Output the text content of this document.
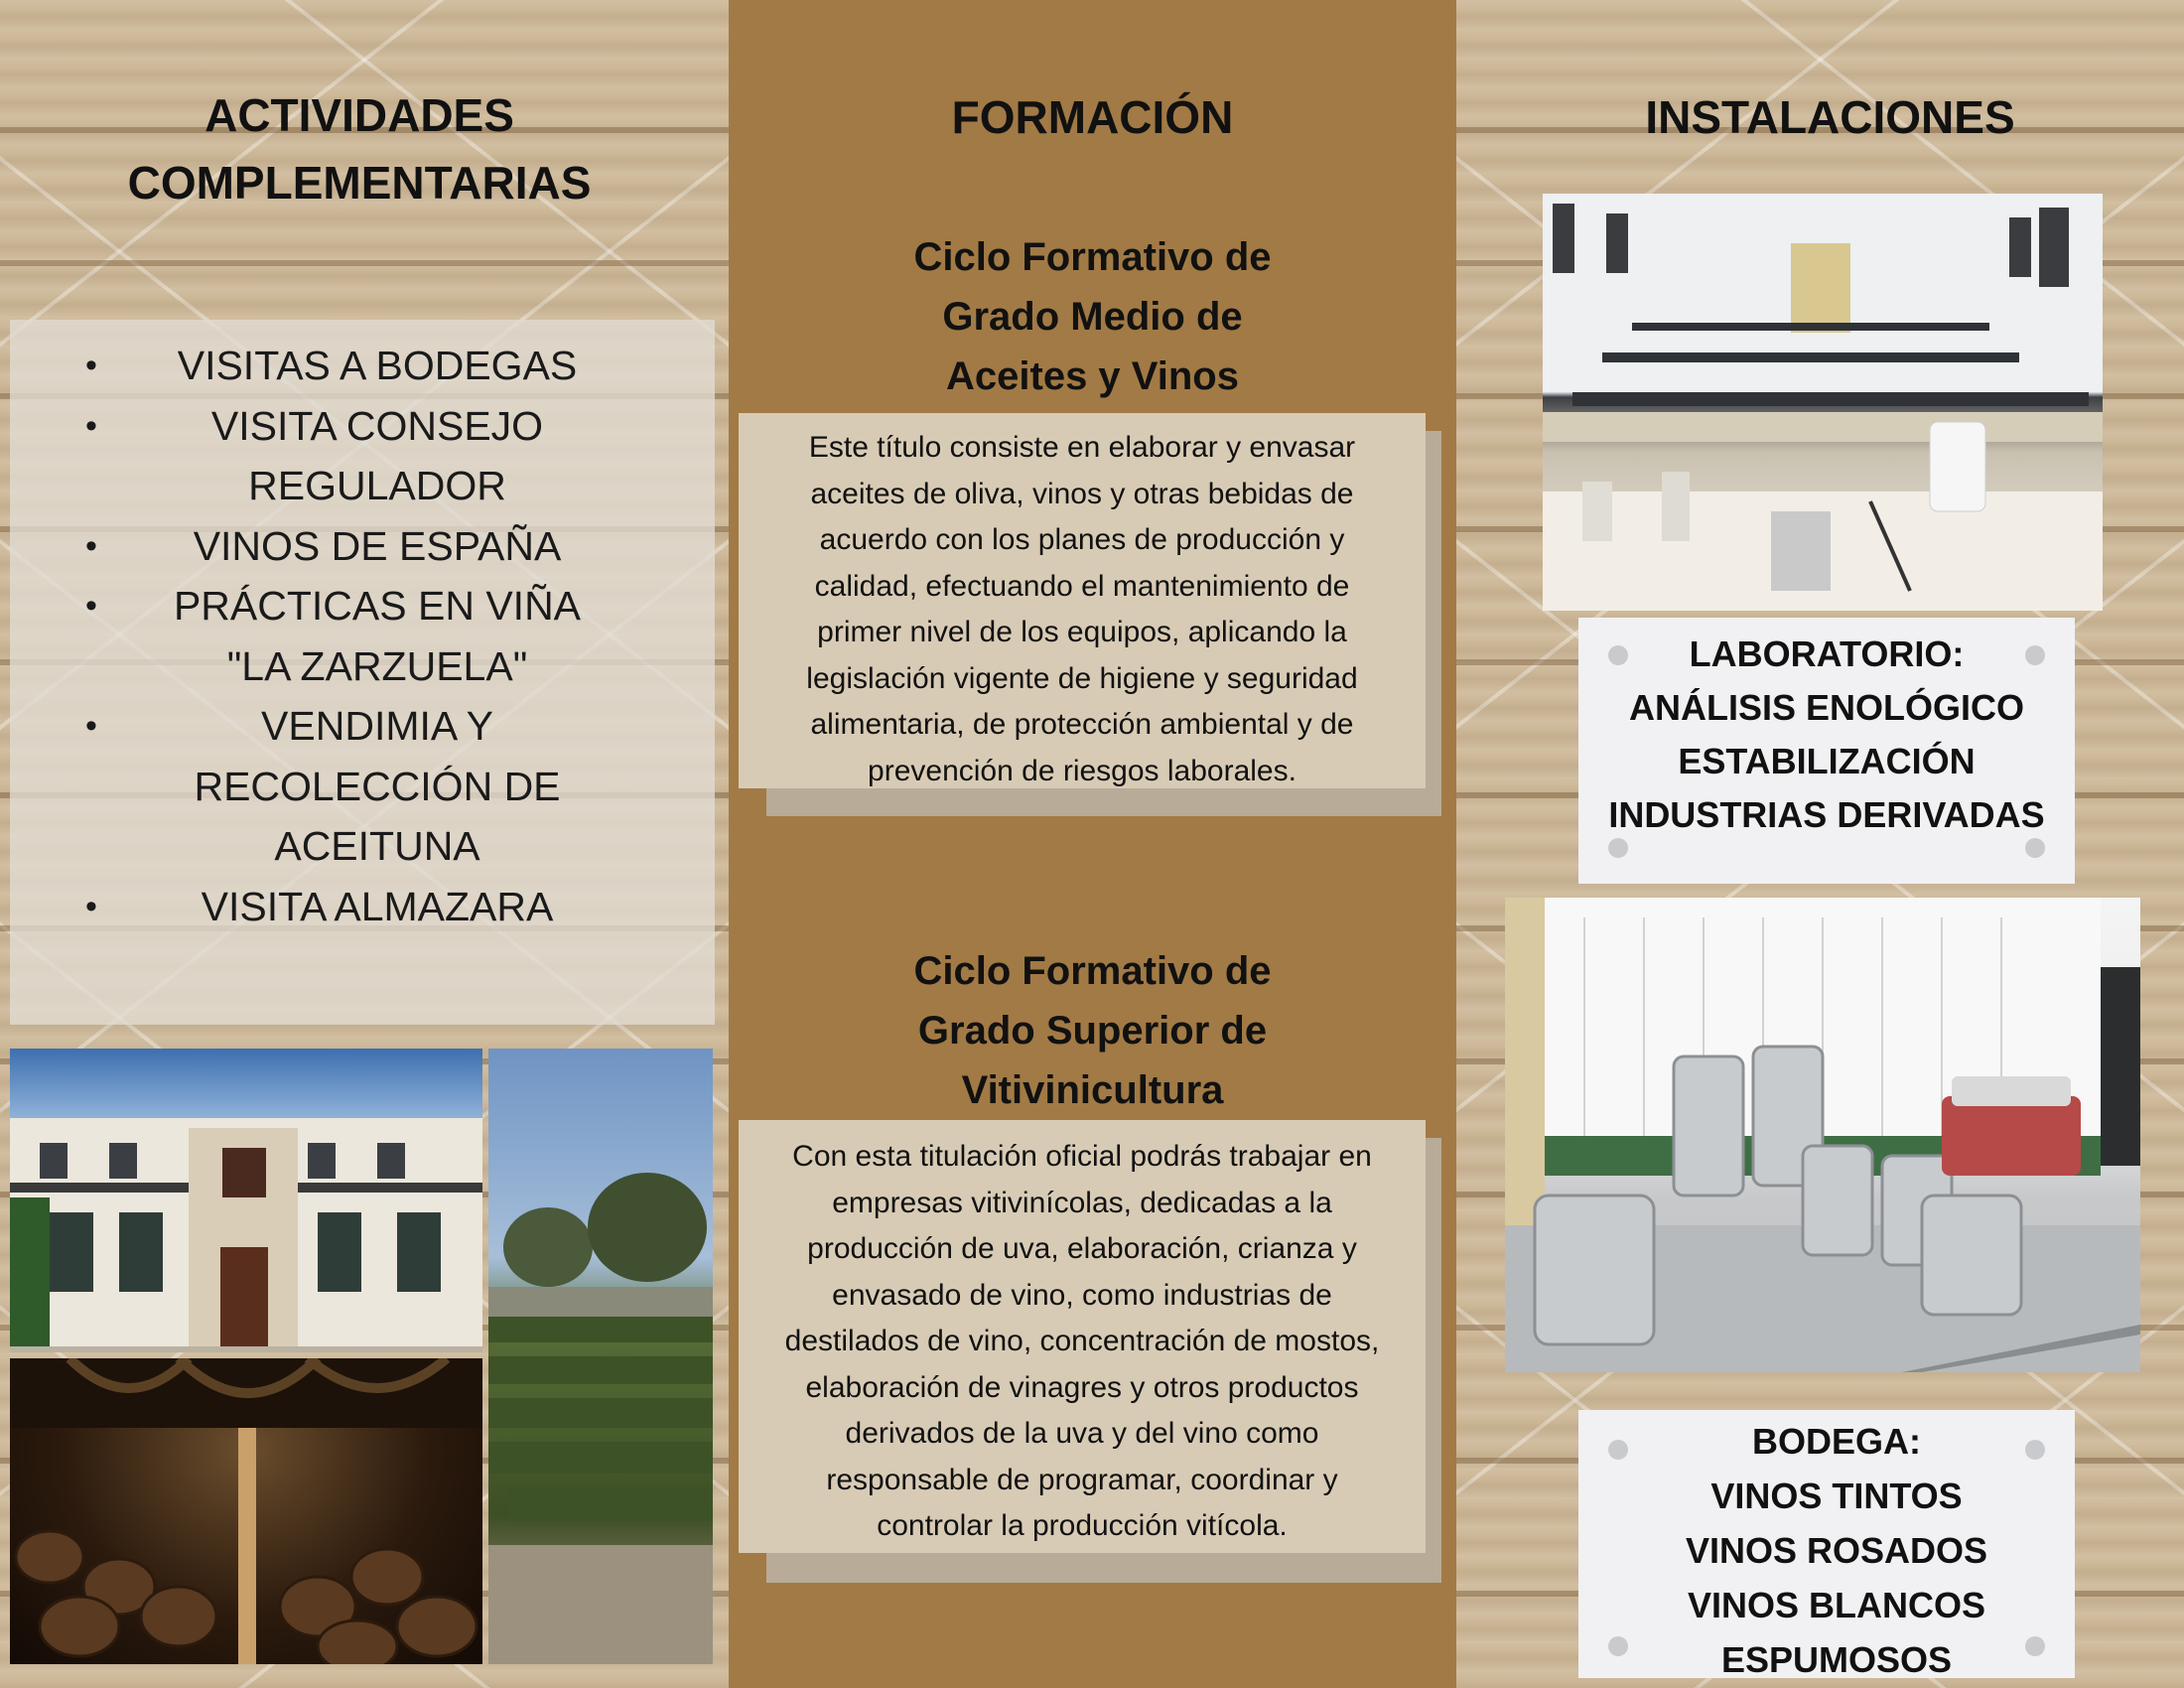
ACTIVIDADES
COMPLEMENTARIAS
•	VISITAS A BODEGAS
•	VISITA CONSEJO
REGULADOR
•	VINOS DE ESPAÑA
•	PRÁCTICAS EN VIÑA
"LA ZARZUELA"
•	VENDIMIA Y
RECOLECCIÓN DE
ACEITUNA
•	VISITA ALMAZARA
FORMACIÓN
Ciclo Formativo de
Grado Medio de
Aceites y Vinos
Este título consiste en elaborar y envasar
aceites de oliva, vinos y otras bebidas de
acuerdo con los planes de producción y
calidad, efectuando el mantenimiento de
primer nivel de los equipos, aplicando la
legislación vigente de higiene y seguridad
alimentaria, de protección ambiental y de
prevención de riesgos laborales.
Ciclo Formativo de
Grado Superior de
Vitivinicultura
Con esta titulación oficial podrás trabajar en
empresas vitivinícolas, dedicadas a la
producción de uva, elaboración, crianza y
envasado de vino, como industrias de
destilados de vino, concentración de mostos,
elaboración de vinagres y otros productos
derivados de la uva y del vino como
responsable de programar, coordinar y
controlar la producción vitícola.
INSTALACIONES
LABORATORIO:
ANÁLISIS ENOLÓGICO
ESTABILIZACIÓN
INDUSTRIAS DERIVADAS
BODEGA:
VINOS TINTOS
VINOS ROSADOS
VINOS BLANCOS
ESPUMOSOS
